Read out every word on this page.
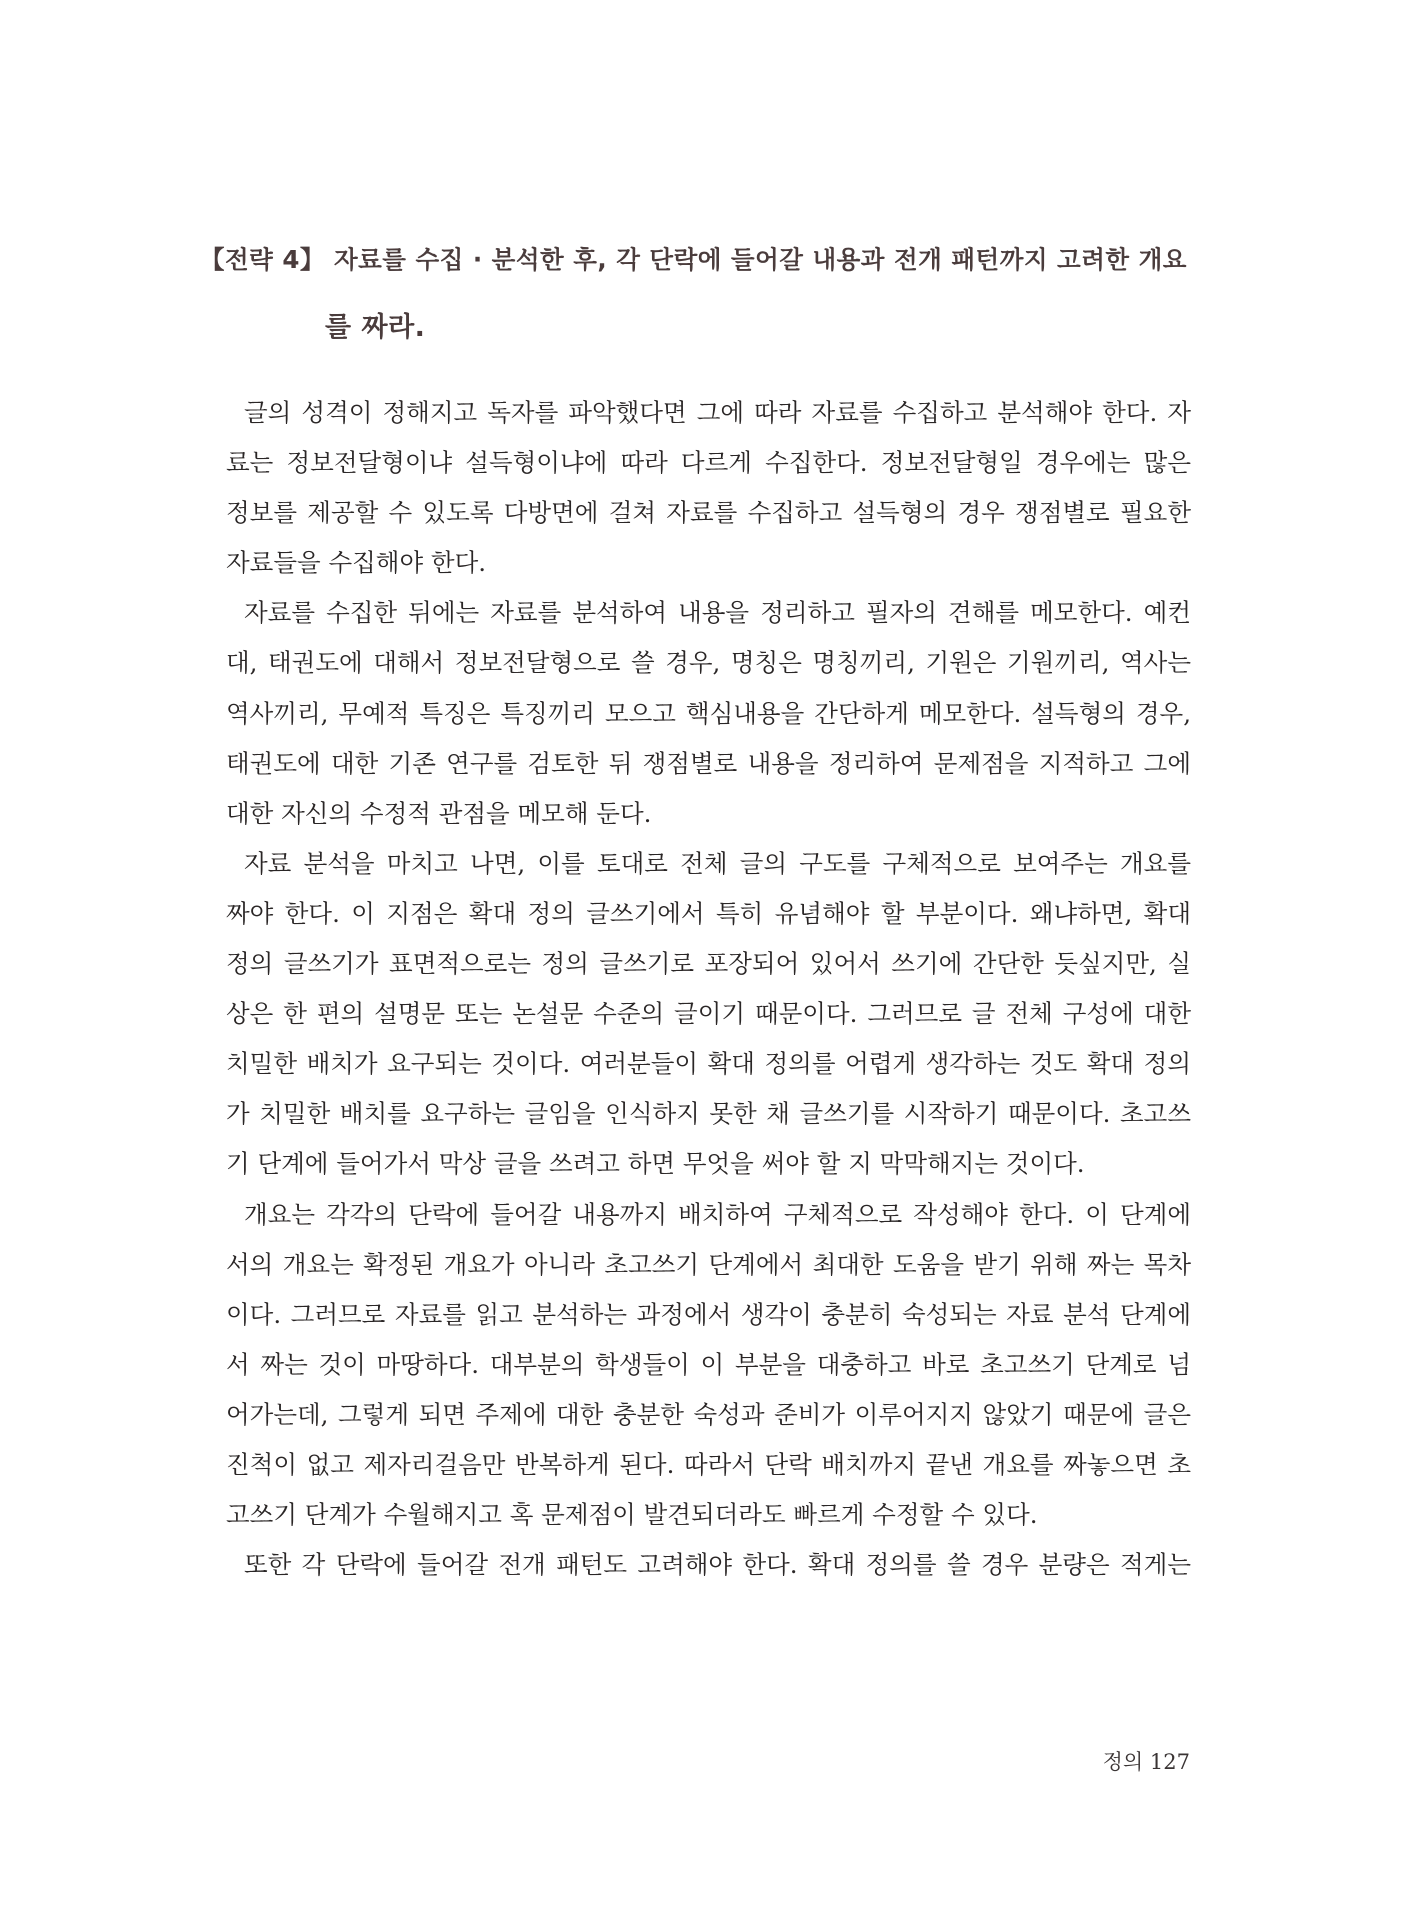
【전략 4】 자료를 수집 · 분석한 후, 각 단락에 들어갈 내용과 전개 패턴까지 고려한 개요
를 짜라.
글의 성격이 정해지고 독자를 파악했다면 그에 따라 자료를 수집하고 분석해야 한다. 자
료는 정보전달형이냐 설득형이냐에 따라 다르게 수집한다. 정보전달형일 경우에는 많은
정보를 제공할 수 있도록 다방면에 걸쳐 자료를 수집하고 설득형의 경우 쟁점별로 필요한
자료들을 수집해야 한다.
자료를 수집한 뒤에는 자료를 분석하여 내용을 정리하고 필자의 견해를 메모한다. 예컨
대, 태권도에 대해서 정보전달형으로 쓸 경우, 명칭은 명칭끼리, 기원은 기원끼리, 역사는
역사끼리, 무예적 특징은 특징끼리 모으고 핵심내용을 간단하게 메모한다. 설득형의 경우,
태권도에 대한 기존 연구를 검토한 뒤 쟁점별로 내용을 정리하여 문제점을 지적하고 그에
대한 자신의 수정적 관점을 메모해 둔다.
자료 분석을 마치고 나면, 이를 토대로 전체 글의 구도를 구체적으로 보여주는 개요를
짜야 한다. 이 지점은 확대 정의 글쓰기에서 특히 유념해야 할 부분이다. 왜냐하면, 확대
정의 글쓰기가 표면적으로는 정의 글쓰기로 포장되어 있어서 쓰기에 간단한 듯싶지만, 실
상은 한 편의 설명문 또는 논설문 수준의 글이기 때문이다. 그러므로 글 전체 구성에 대한
치밀한 배치가 요구되는 것이다. 여러분들이 확대 정의를 어렵게 생각하는 것도 확대 정의
가 치밀한 배치를 요구하는 글임을 인식하지 못한 채 글쓰기를 시작하기 때문이다. 초고쓰
기 단계에 들어가서 막상 글을 쓰려고 하면 무엇을 써야 할 지 막막해지는 것이다.
개요는 각각의 단락에 들어갈 내용까지 배치하여 구체적으로 작성해야 한다. 이 단계에
서의 개요는 확정된 개요가 아니라 초고쓰기 단계에서 최대한 도움을 받기 위해 짜는 목차
이다. 그러므로 자료를 읽고 분석하는 과정에서 생각이 충분히 숙성되는 자료 분석 단계에
서 짜는 것이 마땅하다. 대부분의 학생들이 이 부분을 대충하고 바로 초고쓰기 단계로 넘
어가는데, 그렇게 되면 주제에 대한 충분한 숙성과 준비가 이루어지지 않았기 때문에 글은
진척이 없고 제자리걸음만 반복하게 된다. 따라서 단락 배치까지 끝낸 개요를 짜놓으면 초
고쓰기 단계가 수월해지고 혹 문제점이 발견되더라도 빠르게 수정할 수 있다.
또한 각 단락에 들어갈 전개 패턴도 고려해야 한다. 확대 정의를 쓸 경우 분량은 적게는
정의 127
